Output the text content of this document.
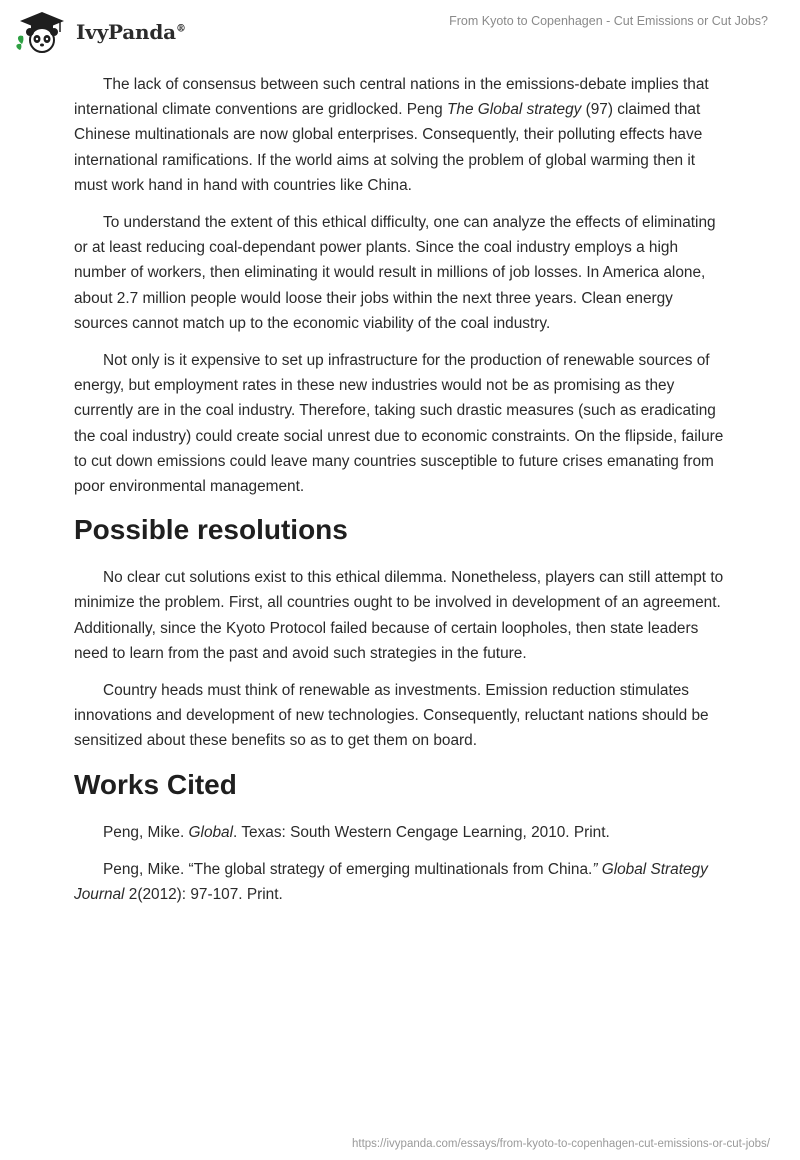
IvyPanda®
From Kyoto to Copenhagen - Cut Emissions or Cut Jobs?

The lack of consensus between such central nations in the emissions-debate implies that international climate conventions are gridlocked. Peng The Global strategy (97) claimed that Chinese multinationals are now global enterprises. Consequently, their polluting effects have international ramifications. If the world aims at solving the problem of global warming then it must work hand in hand with countries like China.

To understand the extent of this ethical difficulty, one can analyze the effects of eliminating or at least reducing coal-dependant power plants. Since the coal industry employs a high number of workers, then eliminating it would result in millions of job losses. In America alone, about 2.7 million people would loose their jobs within the next three years. Clean energy sources cannot match up to the economic viability of the coal industry.

Not only is it expensive to set up infrastructure for the production of renewable sources of energy, but employment rates in these new industries would not be as promising as they currently are in the coal industry. Therefore, taking such drastic measures (such as eradicating the coal industry) could create social unrest due to economic constraints. On the flipside, failure to cut down emissions could leave many countries susceptible to future crises emanating from poor environmental management.

Possible resolutions

No clear cut solutions exist to this ethical dilemma. Nonetheless, players can still attempt to minimize the problem. First, all countries ought to be involved in development of an agreement. Additionally, since the Kyoto Protocol failed because of certain loopholes, then state leaders need to learn from the past and avoid such strategies in the future.

Country heads must think of renewable as investments. Emission reduction stimulates innovations and development of new technologies. Consequently, reluctant nations should be sensitized about these benefits so as to get them on board.

Works Cited

Peng, Mike. Global. Texas: South Western Cengage Learning, 2010. Print.

Peng, Mike. “The global strategy of emerging multinationals from China.” Global Strategy Journal 2(2012): 97-107. Print.

https://ivypanda.com/essays/from-kyoto-to-copenhagen-cut-emissions-or-cut-jobs/
